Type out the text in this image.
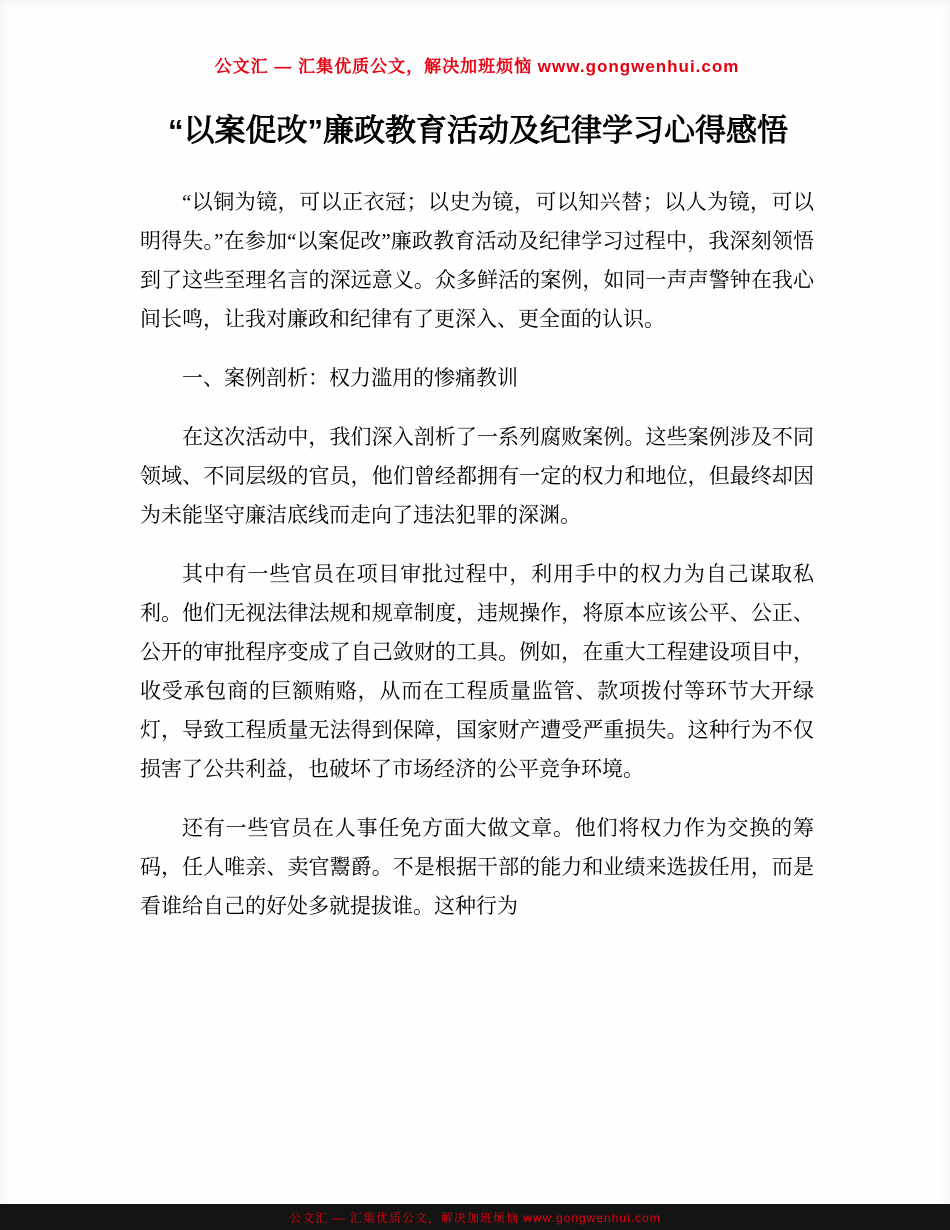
公文汇 — 汇集优质公文，解决加班烦恼 www.gongwenhui.com
“以案促改”廉政教育活动及纪律学习心得感悟

“以铜为镜，可以正衣冠；以史为镜，可以知兴替；以人为镜，可以明得失。”在参加“以案促改”廉政教育活动及纪律学习过程中，我深刻领悟到了这些至理名言的深远意义。众多鲜活的案例，如同一声声警钟在我心间长鸣，让我对廉政和纪律有了更深入、更全面的认识。

一、案例剖析：权力滥用的惨痛教训

在这次活动中，我们深入剖析了一系列腐败案例。这些案例涉及不同领域、不同层级的官员，他们曾经都拥有一定的权力和地位，但最终却因为未能坚守廉洁底线而走向了违法犯罪的深渊。

其中有一些官员在项目审批过程中，利用手中的权力为自己谋取私利。他们无视法律法规和规章制度，违规操作，将原本应该公平、公正、公开的审批程序变成了自己敛财的工具。例如，在重大工程建设项目中，收受承包商的巨额贿赂，从而在工程质量监管、款项拨付等环节大开绿灯，导致工程质量无法得到保障，国家财产遭受严重损失。这种行为不仅损害了公共利益，也破坏了市场经济的公平竞争环境。

还有一些官员在人事任免方面大做文章。他们将权力作为交换的筹码，任人唯亲、卖官鬻爵。不是根据干部的能力和业绩来选拔任用，而是看谁给自己的好处多就提拔谁。这种行为

公文汇 — 汇集优质公文，解决加班烦恼 www.gongwenhui.com
